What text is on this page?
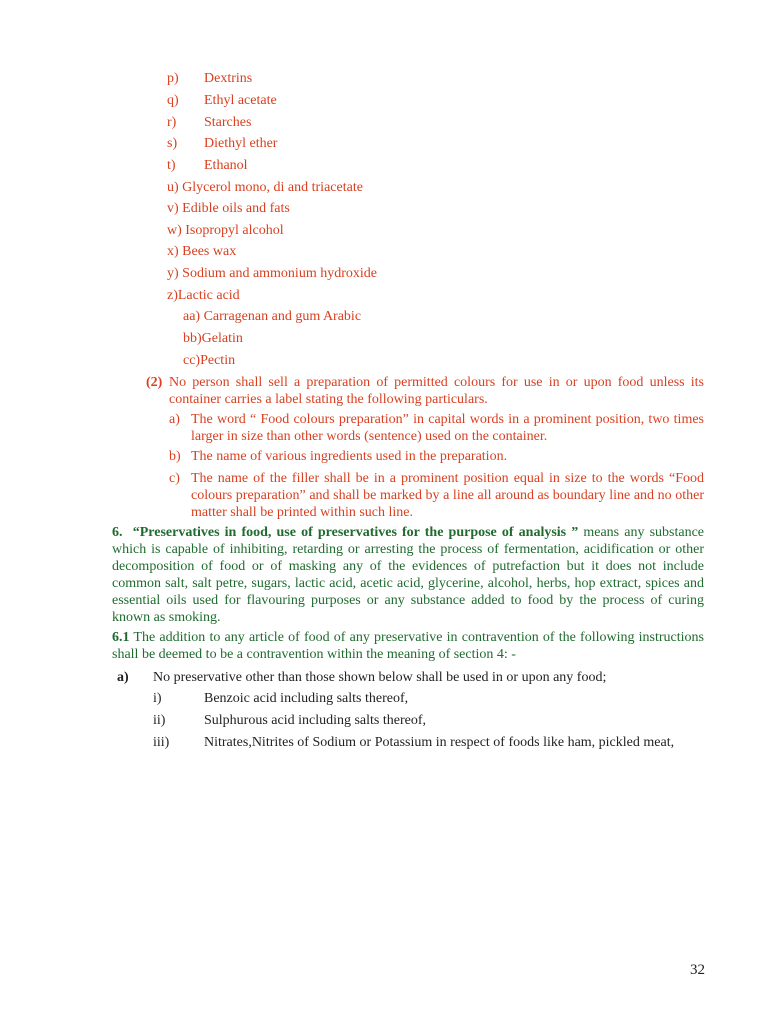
p) Dextrins
q) Ethyl acetate
r) Starches
s) Diethyl ether
t) Ethanol
u) Glycerol mono, di and triacetate
v) Edible oils and fats
w) Isopropyl alcohol
x) Bees wax
y) Sodium and ammonium hydroxide
z)Lactic acid
aa) Carragenan and gum Arabic
bb)Gelatin
cc)Pectin
(2) No person shall sell a preparation of permitted colours for use in or upon food unless its container carries a label stating the following particulars.
a) The word “ Food colours preparation” in capital words in a prominent position, two times larger in size than other words (sentence) used on the container.
b) The name of various ingredients used in the preparation.
c) The name of the filler shall be in a prominent position equal in size to the words “Food colours preparation” and shall be marked by a line all around as boundary line and no other matter shall be printed within such line.
6. “Preservatives in food, use of preservatives for the purpose of analysis ” means any substance which is capable of inhibiting, retarding or arresting the process of fermentation, acidification or other decomposition of food or of masking any of the evidences of putrefaction but it does not include common salt, salt petre, sugars, lactic acid, acetic acid, glycerine, alcohol, herbs, hop extract, spices and essential oils used for flavouring purposes or any substance added to food by the process of curing known as smoking.
6.1 The addition to any article of food of any preservative in contravention of the following instructions shall be deemed to be a contravention within the meaning of section 4: -
a) No preservative other than those shown below shall be used in or upon any food;
i)	Benzoic acid including salts thereof,
ii)	Sulphurous acid including salts thereof,
iii) Nitrates,Nitrites of Sodium or Potassium in respect of foods like ham, pickled meat,
32
